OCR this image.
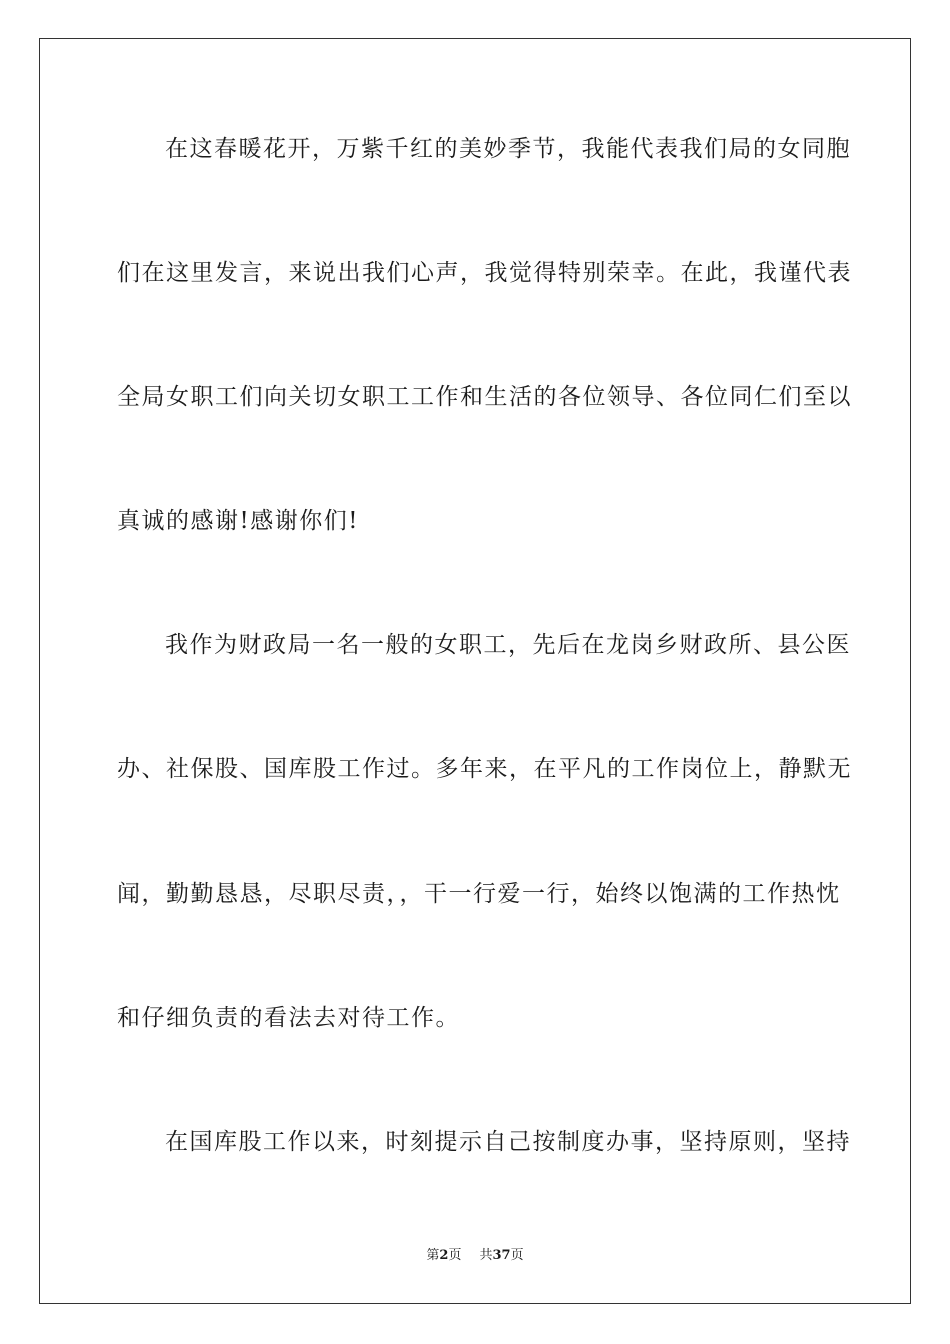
在这春暖花开，万紫千红的美妙季节，我能代表我们局的女同胞
们在这里发言，来说出我们心声，我觉得特别荣幸。在此，我谨代表
全局女职工们向关切女职工工作和生活的各位领导、各位同仁们至以
真诚的感谢!感谢你们!
我作为财政局一名一般的女职工，先后在龙岗乡财政所、县公医
办、社保股、国库股工作过。多年来，在平凡的工作岗位上，静默无
闻，勤勤恳恳，尽职尽责，，干一行爱一行，始终以饱满的工作热忱
和仔细负责的看法去对待工作。
在国库股工作以来，时刻提示自己按制度办事，坚持原则，坚持
第2页 共37页
